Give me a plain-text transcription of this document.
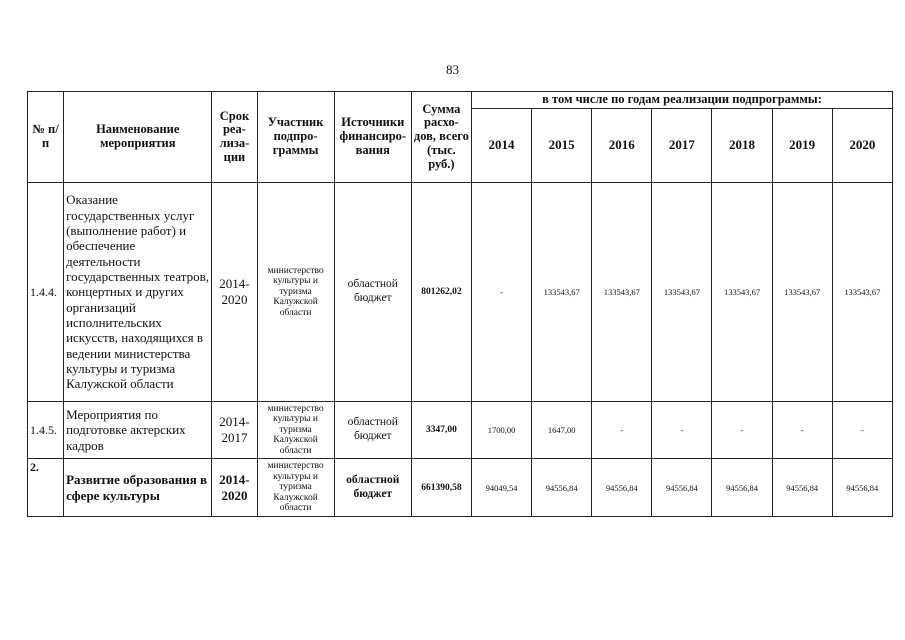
83
№ п/п	Наименование мероприятия	Срок реа-лиза-ции	Участник подпро-граммы	Источники финансиро-вания	Сумма расхо-дов, всего (тыс. руб.)	в том числе по годам реализации подпрограммы:						
						2014	2015	2016	2017	2018	2019	2020
1.4.4.	Оказание государственных услуг (выполнение работ) и обеспечение деятельности государственных театров, концертных и других организаций исполнительских искусств, находящихся в ведении министерства культуры и туризма Калужской области	2014-2020	министерство культуры и туризма Калужской области	областной бюджет	801262,02	-	133543,67	133543,67	133543,67	133543,67	133543,67	133543,67
1.4.5.	Мероприятия по подготовке актерских кадров	2014-2017	министерство культуры и туризма Калужской области	областной бюджет	3347,00	1700,00	1647,00	-	-	-	-	-
2.	Развитие образования в сфере культуры	2014-2020	министерство культуры и туризма Калужской области	областной бюджет	661390,58	94049,54	94556,84	94556,84	94556,84	94556,84	94556,84	94556,84
